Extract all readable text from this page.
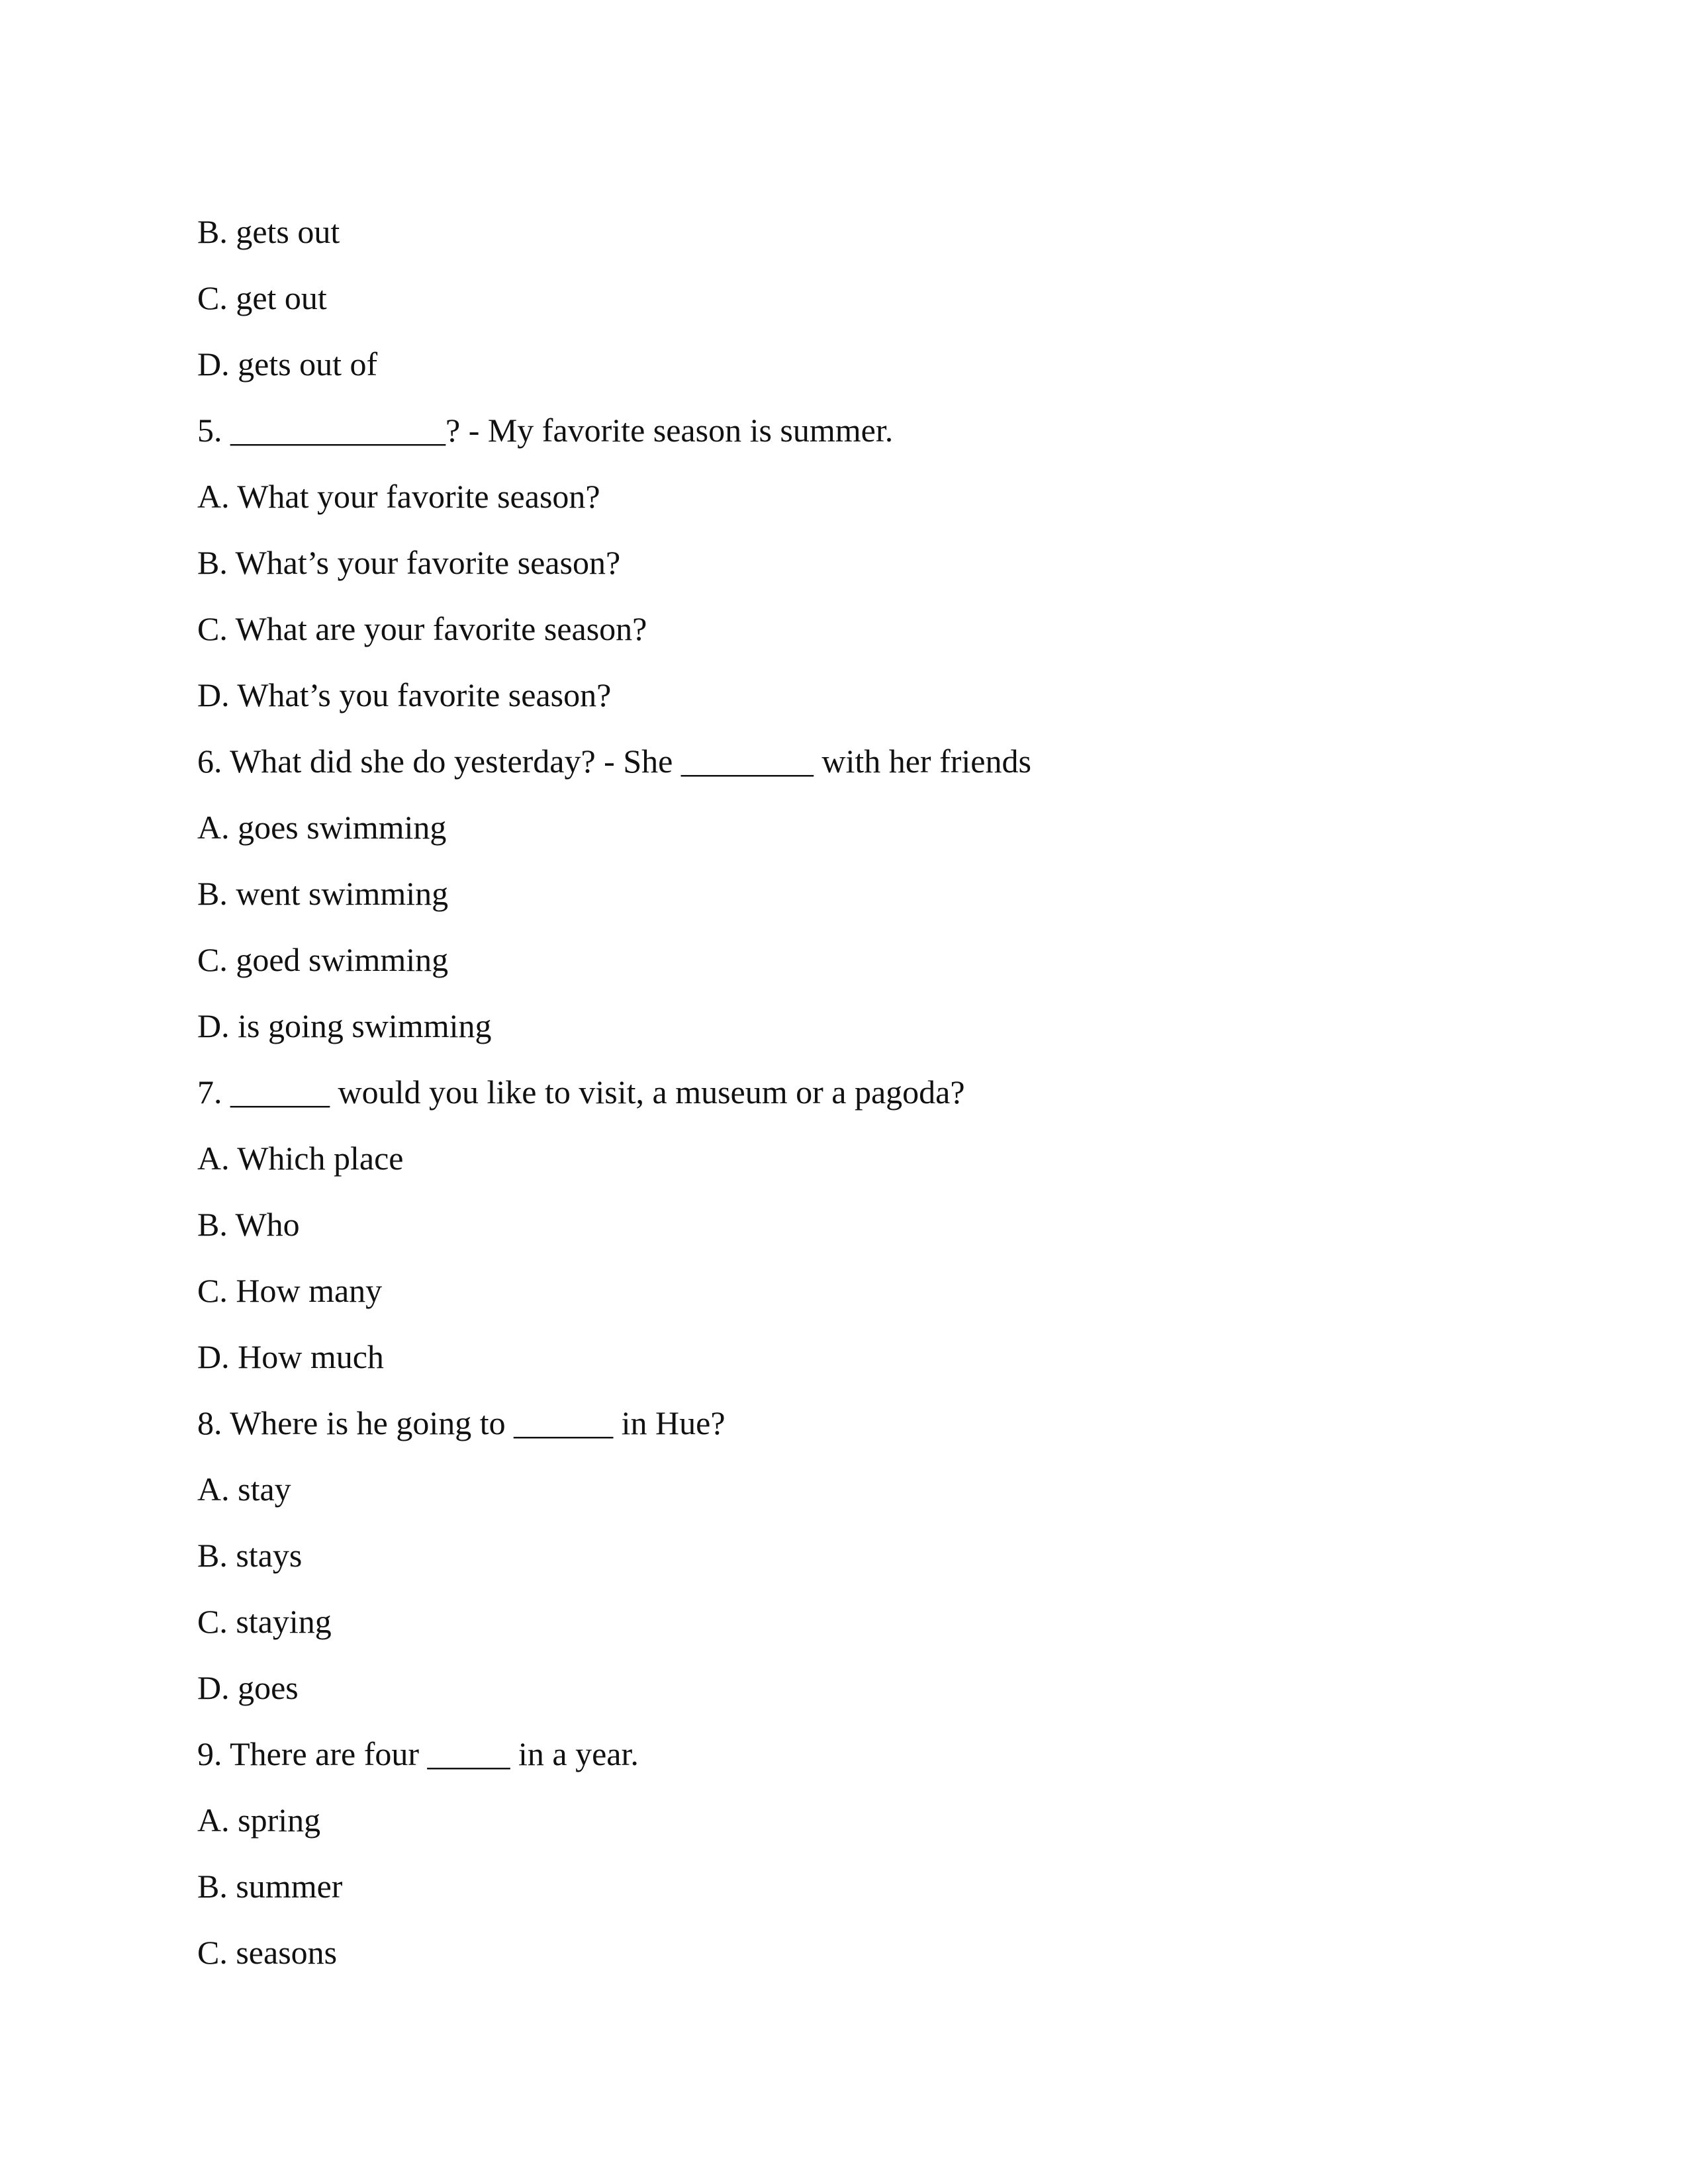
B. gets out

C. get out

D. gets out of

5. _____________? - My favorite season is summer.

A. What your favorite season?

B. What’s your favorite season?

C. What are your favorite season?

D. What’s you favorite season?

6. What did she do yesterday? - She ________ with her friends

A. goes swimming

B. went swimming

C. goed swimming

D. is going swimming

7. ______ would you like to visit, a museum or a pagoda?

A. Which place

B. Who

C. How many

D. How much

8. Where is he going to ______ in Hue?

A. stay

B. stays

C. staying

D. goes

9. There are four _____ in a year.

A. spring

B. summer

C. seasons
